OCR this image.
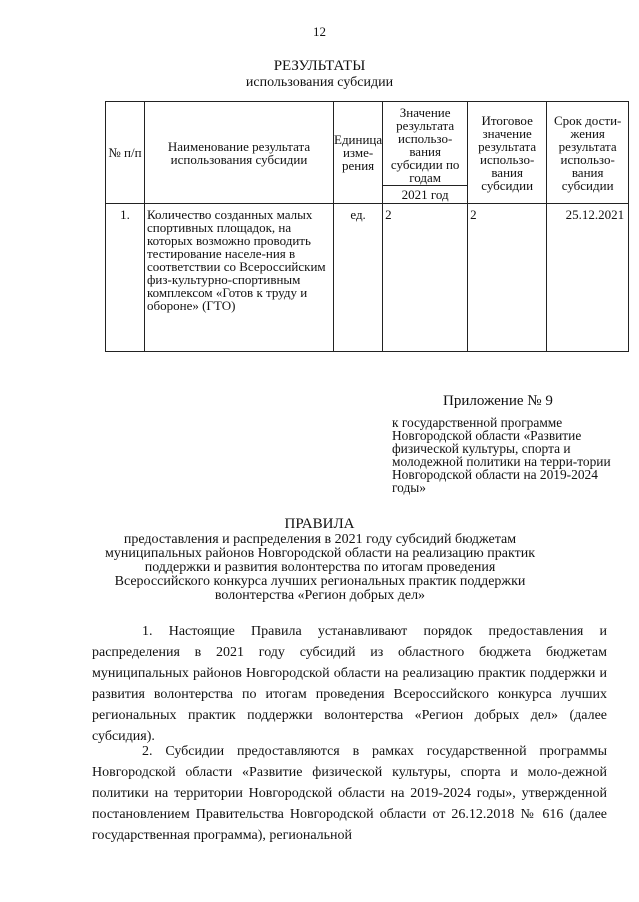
12
РЕЗУЛЬТАТЫ
использования субсидии
№ п/п	Наименование результата использования субсидии	Единица изме-рения	Значение результата использо-вания субсидии по годам	Итоговое значение результата использо-вания субсидии	Срок дости-жения результата использо-вания субсидии
			2021 год		
1.	Количество созданных малых спортивных площадок, на которых возможно проводить тестирование населе-ния в соответствии со Всероссийским физ-культурно-спортивным комплексом «Готов к труду и обороне» (ГТО)	ед.	2	2	25.12.2021
Приложение № 9
к государственной программе Новгородской области «Развитие физической культуры, спорта и молодежной политики на терри-тории Новгородской области на 2019-2024 годы»
ПРАВИЛА
предоставления и распределения в 2021 году субсидий бюджетам муниципальных районов Новгородской области на реализацию практик поддержки и развития волонтерства по итогам проведения Всероссийского конкурса лучших региональных практик поддержки волонтерства «Регион добрых дел»
1. Настоящие Правила устанавливают порядок предоставления и распределения в 2021 году субсидий из областного бюджета бюджетам муниципальных районов Новгородской области на реализацию практик поддержки и развития волонтерства по итогам проведения Всероссийского конкурса лучших региональных практик поддержки волонтерства «Регион добрых дел» (далее субсидия).
2. Субсидии предоставляются в рамках государственной программы Новгородской области «Развитие физической культуры, спорта и моло-дежной политики на территории Новгородской области на 2019-2024 годы», утвержденной постановлением Правительства Новгородской области от 26.12.2018 № 616 (далее государственная программа), региональной
